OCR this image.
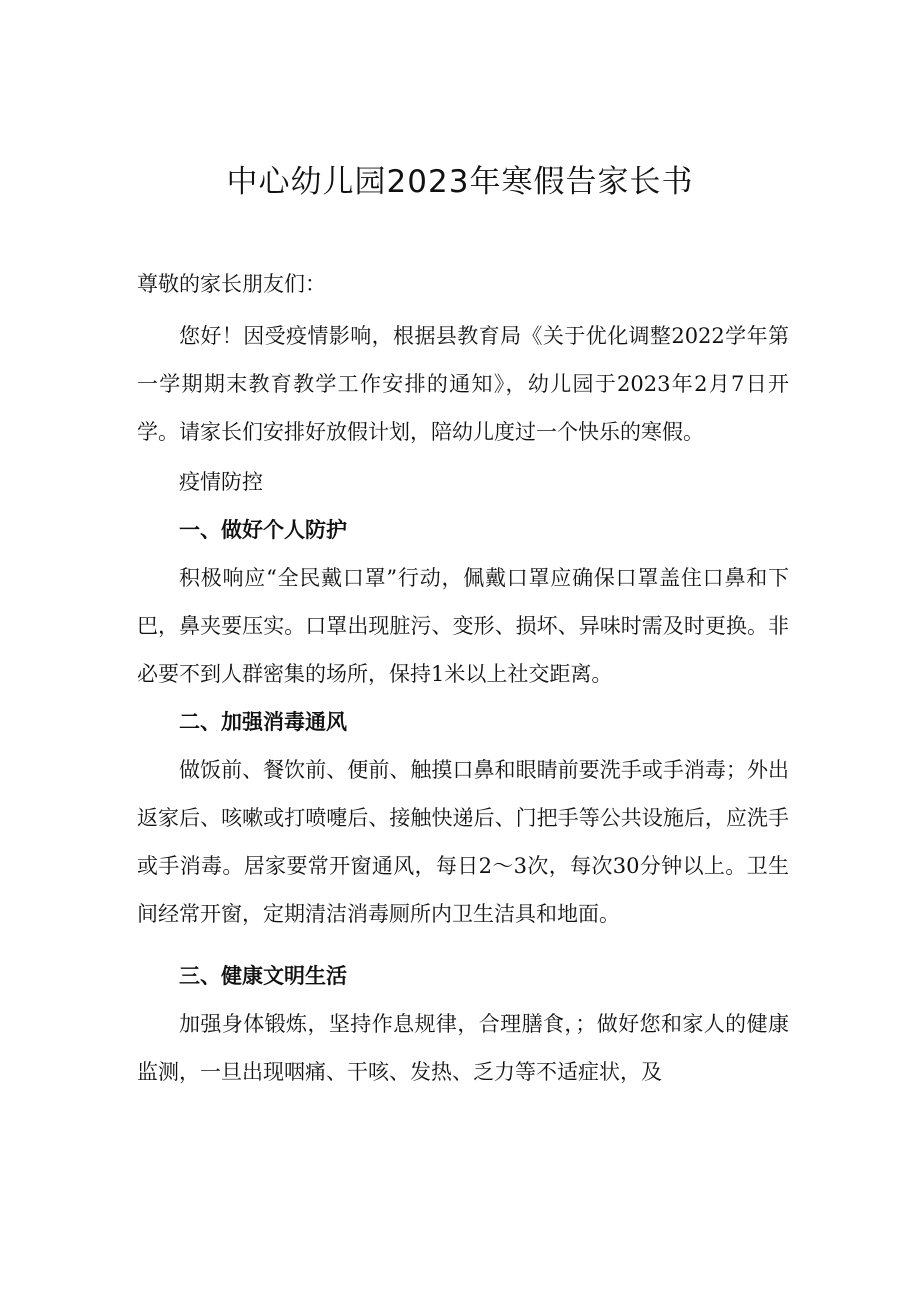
中心幼儿园2023年寒假告家长书

尊敬的家长朋友们：

您好！因受疫情影响，根据县教育局《关于优化调整2022学年第一学期期末教育教学工作安排的通知》，幼儿园于2023年2月7日开学。请家长们安排好放假计划，陪幼儿度过一个快乐的寒假。

疫情防控

一、做好个人防护

积极响应“全民戴口罩”行动，佩戴口罩应确保口罩盖住口鼻和下巴，鼻夹要压实。口罩出现脏污、变形、损坏、异味时需及时更换。非必要不到人群密集的场所，保持1米以上社交距离。

二、加强消毒通风

做饭前、餐饮前、便前、触摸口鼻和眼睛前要洗手或手消毒；外出返家后、咳嗽或打喷嚏后、接触快递后、门把手等公共设施后，应洗手或手消毒。居家要常开窗通风，每日2～3次，每次30分钟以上。卫生间经常开窗，定期清洁消毒厕所内卫生洁具和地面。

三、健康文明生活

加强身体锻炼，坚持作息规律，合理膳食，；做好您和家人的健康监测，一旦出现咽痛、干咳、发热、乏力等不适症状，及
